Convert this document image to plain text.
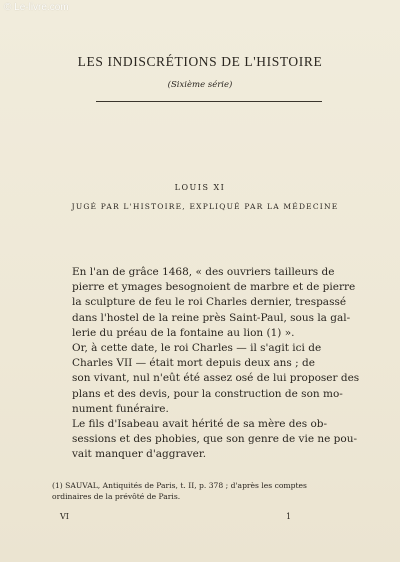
© Le-livre.com
LES INDISCRÉTIONS DE L'HISTOIRE
(Sixième série)
LOUIS XI
JUGÉ PAR L'HISTOIRE, EXPLIQUÉ PAR LA MÉDECINE

En l'an de grâce 1468, « des ouvriers tailleurs de
pierre et ymages besognoient de marbre et de pierre
la sculpture de feu le roi Charles dernier, trespassé
dans l'hostel de la reine près Saint-Paul, sous la gal-
lerie du préau de la fontaine au lion (1) ».

Or, à cette date, le roi Charles — il s'agit ici de
Charles VII — était mort depuis deux ans ; de
son vivant, nul n'eût été assez osé de lui proposer des
plans et des devis, pour la construction de son mo-
nument funéraire.

Le fils d'Isabeau avait hérité de sa mère des ob-
sessions et des phobies, que son genre de vie ne pou-
vait manquer d'aggraver.

(1) SAUVAL, Antiquités de Paris, t. II, p. 378 ; d'après les comptes
ordinaires de la prévôté de Paris.
VI	1
